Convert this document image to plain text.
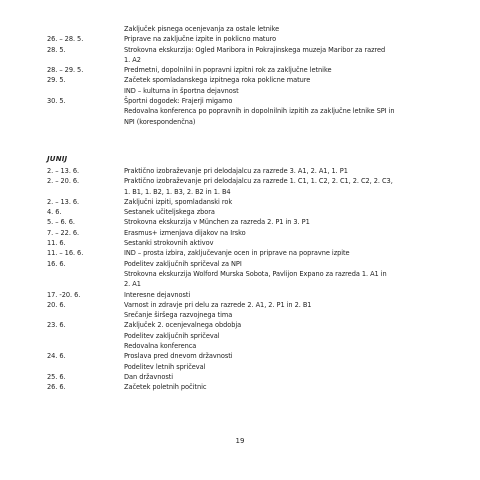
Zaključek pisnega ocenjevanja za ostale letnike
26. – 28. 5.	Priprave na zaključne izpite in poklicno maturo
28. 5.	Strokovna ekskurzija: Ogled Maribora in Pokrajinskega muzeja Maribor za razred
1. A2
28. – 29. 5.	Predmetni, dopolnilni in popravni izpitni rok za zaključne letnike
29. 5.	Začetek spomladanskega izpitnega roka poklicne mature
IND – kulturna in športna dejavnost
30. 5.	Športni dogodek: Frajerji migamo
Redovalna konferenca po popravnih in dopolnilnih izpitih za zaključne letnike SPI in
NPI (korespondenčna)
JUNIJ
2. – 13. 6.	Praktično izobraževanje pri delodajalcu za razrede 3. A1, 2. A1, 1. P1
2. – 20. 6.	Praktično izobraževanje pri delodajalcu za razrede 1. C1, 1. C2, 2. C1, 2. C2, 2. C3,
1. B1, 1. B2, 1. B3, 2. B2 in 1. B4
2. – 13. 6.	Zaključni izpiti, spomladanski rok
4. 6.	Sestanek učiteljskega zbora
5. – 6. 6.	Strokovna ekskurzija v München za razreda 2. P1 in 3. P1
7. – 22. 6.	Erasmus+ izmenjava dijakov na Irsko
11. 6.	Sestanki strokovnih aktivov
11. – 16. 6.	IND – prosta izbira, zaključevanje ocen in priprave na popravne izpite
16. 6.	Podelitev zaključnih spričeval za NPI
Strokovna ekskurzija Wolford Murska Sobota, Pavlijon Expano za razreda 1. A1 in
2. A1
17. -20. 6.	Interesne dejavnosti
20. 6.	Varnost in zdravje pri delu za razrede 2. A1, 2. P1 in 2. B1
Srečanje širšega razvojnega tima
23. 6.	Zaključek 2. ocenjevalnega obdobja
Podelitev zaključnih spričeval
Redovalna konferenca
24. 6.	Proslava pred dnevom državnosti
Podelitev letnih spričeval
25. 6.	Dan državnosti
26. 6.	Začetek poletnih počitnic
19
